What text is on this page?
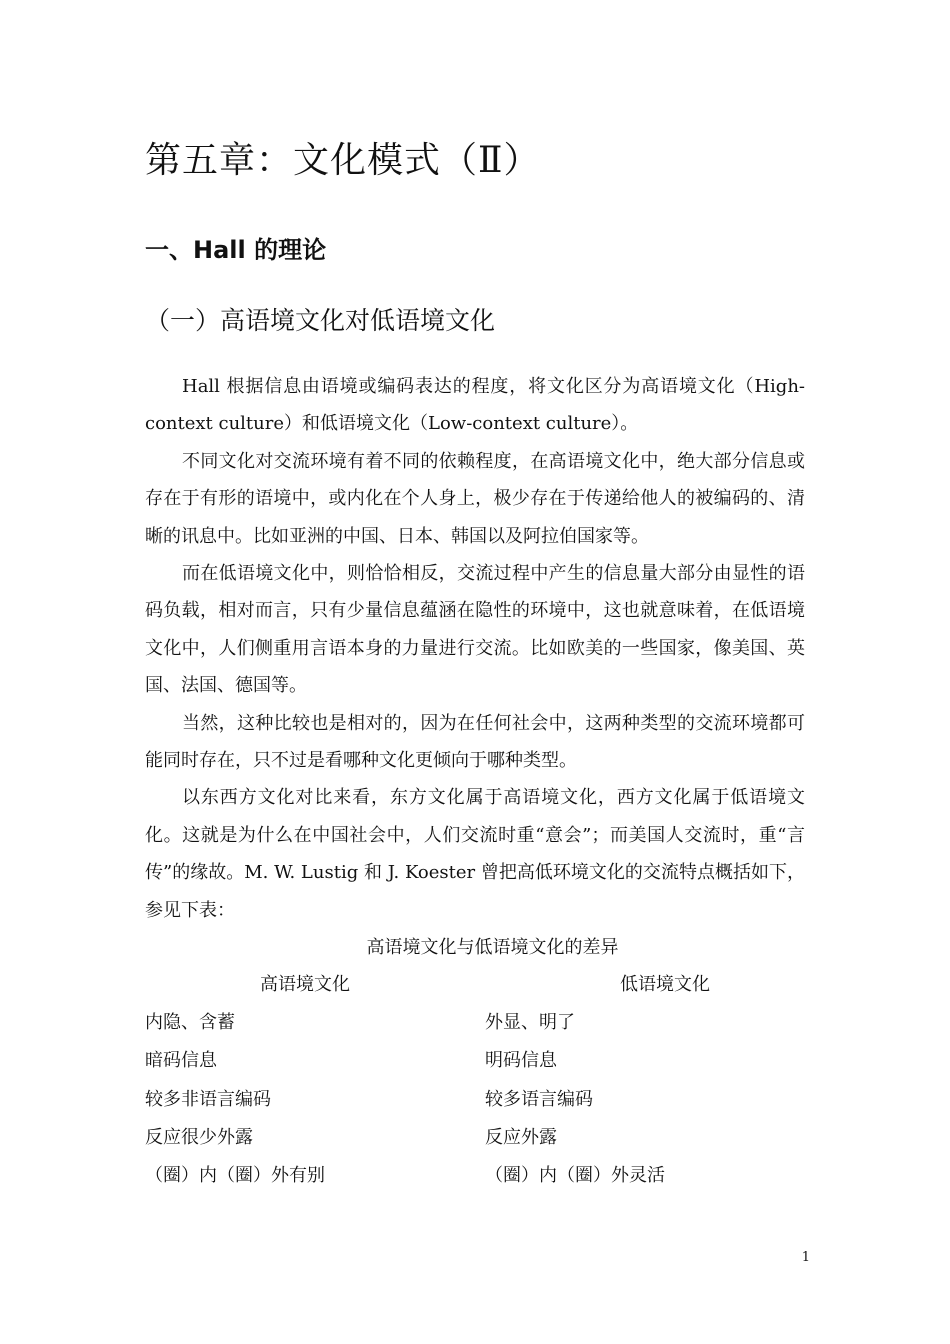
第五章：文化模式（Ⅱ）
一、Hall 的理论
（一）高语境文化对低语境文化

Hall 根据信息由语境或编码表达的程度，将文化区分为高语境文化（High-context culture）和低语境文化（Low-context culture）。

不同文化对交流环境有着不同的依赖程度，在高语境文化中，绝大部分信息或存在于有形的语境中，或内化在个人身上，极少存在于传递给他人的被编码的、清晰的讯息中。比如亚洲的中国、日本、韩国以及阿拉伯国家等。

而在低语境文化中，则恰恰相反，交流过程中产生的信息量大部分由显性的语码负载，相对而言，只有少量信息蕴涵在隐性的环境中，这也就意味着，在低语境文化中，人们侧重用言语本身的力量进行交流。比如欧美的一些国家，像美国、英国、法国、德国等。

当然，这种比较也是相对的，因为在任何社会中，这两种类型的交流环境都可能同时存在，只不过是看哪种文化更倾向于哪种类型。

以东西方文化对比来看，东方文化属于高语境文化，西方文化属于低语境文化。这就是为什么在中国社会中，人们交流时重“意会”；而美国人交流时，重“言传”的缘故。M. W. Lustig 和 J. Koester 曾把高低环境文化的交流特点概括如下，参见下表：

高语境文化与低语境文化的差异

高语境文化	低语境文化
内隐、含蓄	外显、明了
暗码信息	明码信息
较多非语言编码	较多语言编码
反应很少外露	反应外露
（圈）内（圈）外有别	（圈）内（圈）外灵活
1
